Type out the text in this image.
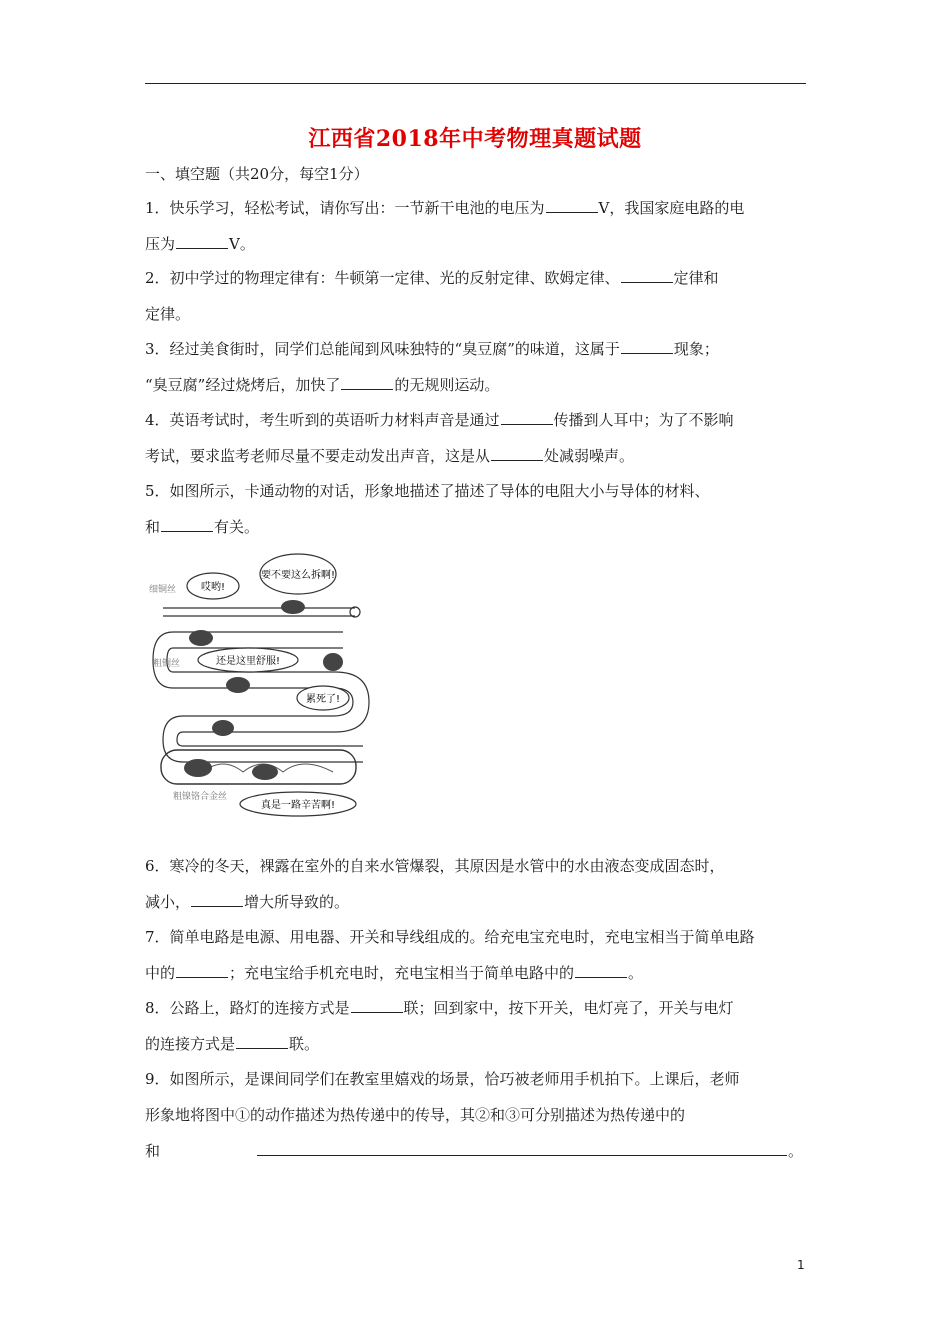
江西省2018年中考物理真题试题
一、填空题（共20分，每空1分）
1．快乐学习，轻松考试，请你写出：一节新干电池的电压为	V，我国家庭电路的电
压为	V。
2．初中学过的物理定律有：牛顿第一定律、光的反射定律、欧姆定律、	定律和
定律。
3．经过美食街时，同学们总能闻到风味独特的“臭豆腐”的味道，这属于	现象；
“臭豆腐”经过烧烤后，加快了	的无规则运动。
4．英语考试时，考生听到的英语听力材料声音是通过	传播到人耳中；为了不影响
考试，要求监考老师尽量不要走动发出声音，这是从	处减弱噪声。
5．如图所示，卡通动物的对话，形象地描述了描述了导体的电阻大小与导体的材料、
和	有关。
哎哟!
要不要这么拆啊!
还是这里舒服!
累死了!
真是一路辛苦啊!
细铜丝
粗铜丝
粗镍铬合金丝
6．寒冷的冬天，裸露在室外的自来水管爆裂，其原因是水管中的水由液态变成固态时，
减小，	增大所导致的。
7．简单电路是电源、用电器、开关和导线组成的。给充电宝充电时，充电宝相当于简单电路
中的	；充电宝给手机充电时，充电宝相当于简单电路中的	。
8．公路上，路灯的连接方式是	联；回到家中，按下开关，电灯亮了，开关与电灯
的连接方式是	联。
9．如图所示，是课间同学们在教室里嬉戏的场景，恰巧被老师用手机拍下。上课后，老师
形象地将图中①的动作描述为热传递中的传导，其②和③可分别描述为热传递中的
和	。
1
